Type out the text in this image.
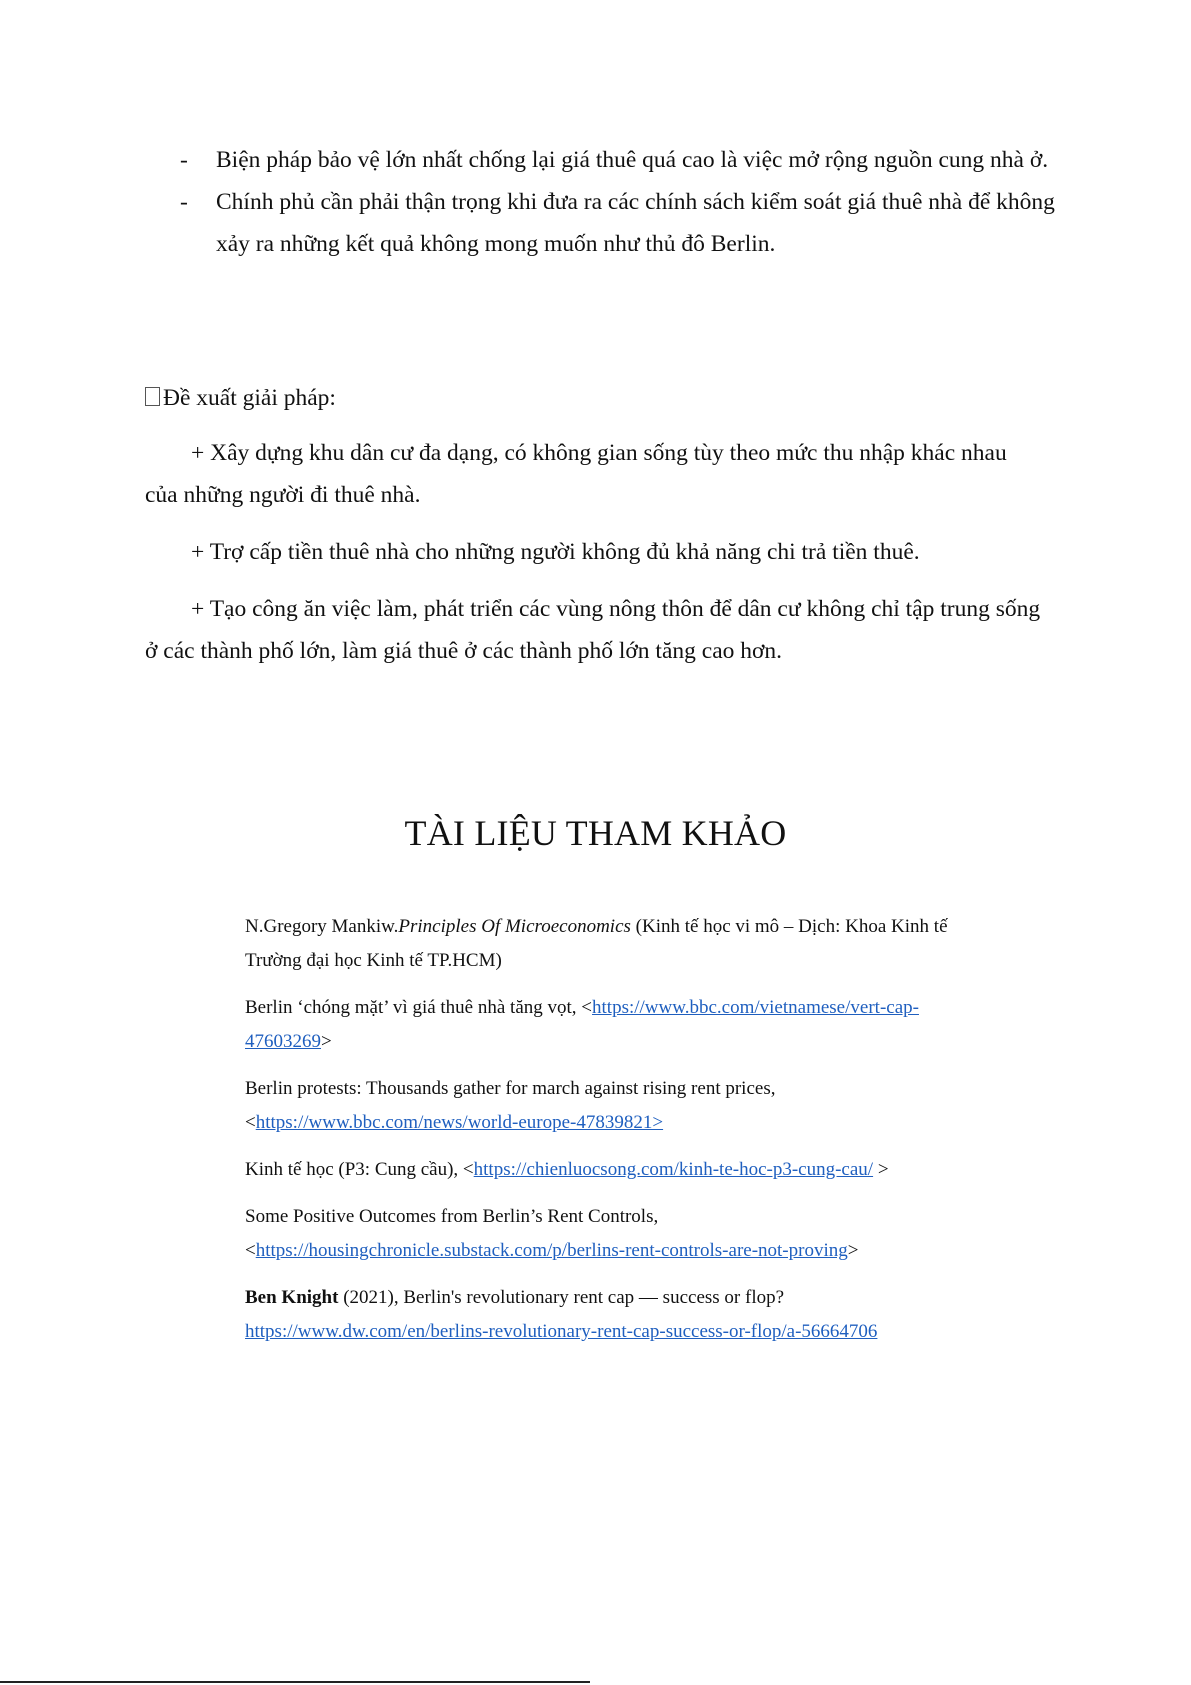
- Biện pháp bảo vệ lớn nhất chống lại giá thuê quá cao là việc mở rộng nguồn cung nhà ở.
- Chính phủ cần phải thận trọng khi đưa ra các chính sách kiểm soát giá thuê nhà để không xảy ra những kết quả không mong muốn như thủ đô Berlin.

Đề xuất giải pháp:

+ Xây dựng khu dân cư đa dạng, có không gian sống tùy theo mức thu nhập khác nhau của những người đi thuê nhà.

+ Trợ cấp tiền thuê nhà cho những người không đủ khả năng chi trả tiền thuê.

+ Tạo công ăn việc làm, phát triển các vùng nông thôn để dân cư không chỉ tập trung sống ở các thành phố lớn, làm giá thuê ở các thành phố lớn tăng cao hơn.

TÀI LIỆU THAM KHẢO

N.Gregory Mankiw.Principles Of Microeconomics (Kinh tế học vi mô – Dịch: Khoa Kinh tế Trường đại học Kinh tế TP.HCM)

Berlin ‘chóng mặt’ vì giá thuê nhà tăng vọt, <https://www.bbc.com/vietnamese/vert-cap-47603269>

Berlin protests: Thousands gather for march against rising rent prices, <https://www.bbc.com/news/world-europe-47839821>

Kinh tế học (P3: Cung cầu), <https://chienluocsong.com/kinh-te-hoc-p3-cung-cau/ >

Some Positive Outcomes from Berlin’s Rent Controls, <https://housingchronicle.substack.com/p/berlins-rent-controls-are-not-proving>

Ben Knight (2021), Berlin's revolutionary rent cap — success or flop?
https://www.dw.com/en/berlins-revolutionary-rent-cap-success-or-flop/a-56664706
